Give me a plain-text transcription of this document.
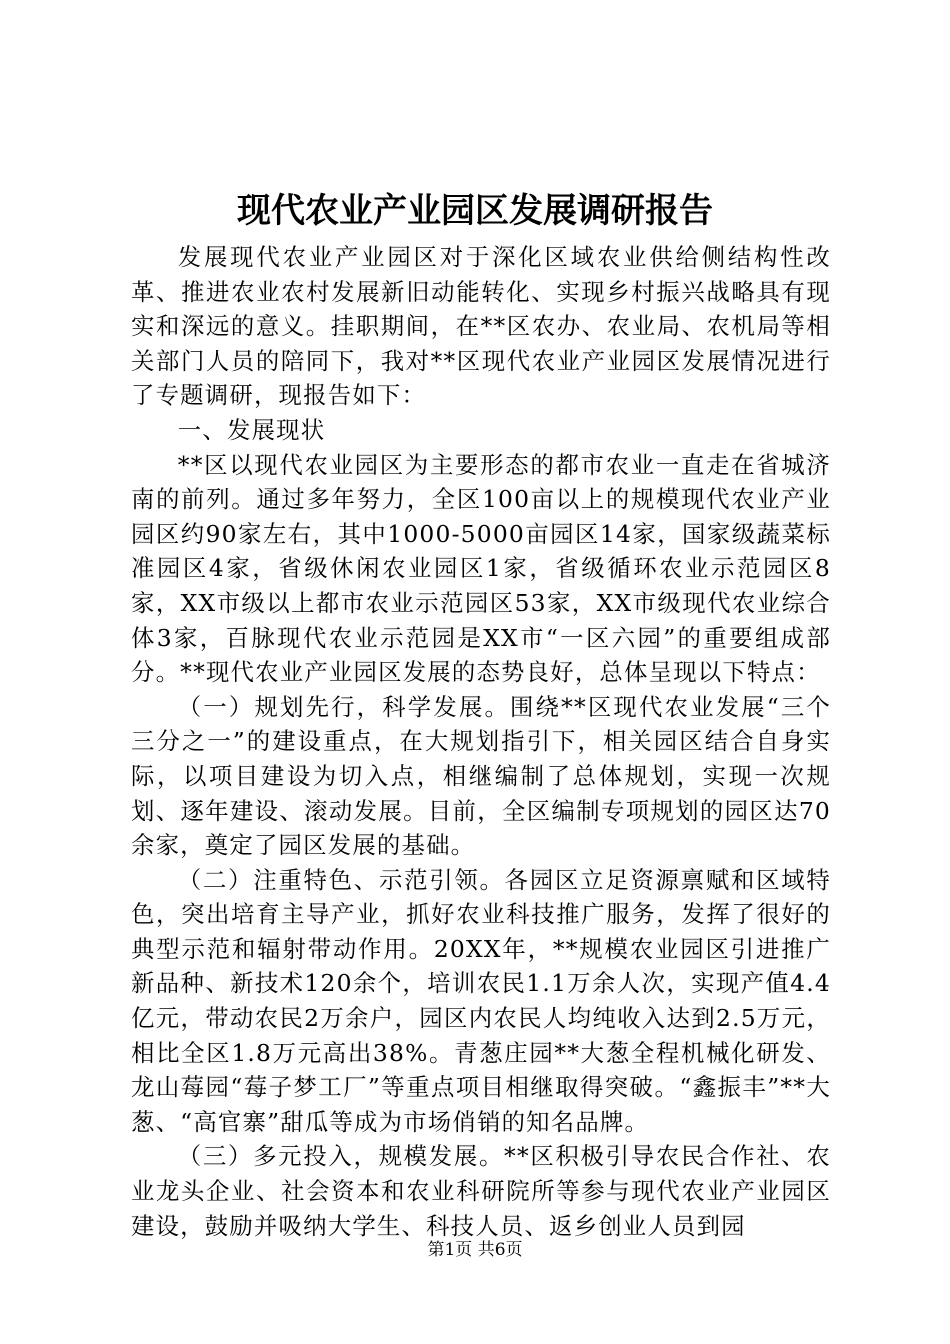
现代农业产业园区发展调研报告

发展现代农业产业园区对于深化区域农业供给侧结构性改革、推进农业农村发展新旧动能转化、实现乡村振兴战略具有现实和深远的意义。挂职期间，在**区农办、农业局、农机局等相关部门人员的陪同下，我对**区现代农业产业园区发展情况进行了专题调研，现报告如下：

一、发展现状

**区以现代农业园区为主要形态的都市农业一直走在省城济南的前列。通过多年努力，全区100亩以上的规模现代农业产业园区约90家左右，其中1000-5000亩园区14家，国家级蔬菜标准园区4家，省级休闲农业园区1家，省级循环农业示范园区8家，XX市级以上都市农业示范园区53家，XX市级现代农业综合体3家，百脉现代农业示范园是XX市“一区六园”的重要组成部分。**现代农业产业园区发展的态势良好，总体呈现以下特点：

（一）规划先行，科学发展。围绕**区现代农业发展“三个三分之一”的建设重点，在大规划指引下，相关园区结合自身实际，以项目建设为切入点，相继编制了总体规划，实现一次规划、逐年建设、滚动发展。目前，全区编制专项规划的园区达70余家，奠定了园区发展的基础。

（二）注重特色、示范引领。各园区立足资源禀赋和区域特色，突出培育主导产业，抓好农业科技推广服务，发挥了很好的典型示范和辐射带动作用。20XX年，**规模农业园区引进推广新品种、新技术120余个，培训农民1.1万余人次，实现产值4.4亿元，带动农民2万余户，园区内农民人均纯收入达到2.5万元，相比全区1.8万元高出38%。青葱庄园**大葱全程机械化研发、龙山莓园“莓子梦工厂”等重点项目相继取得突破。“鑫振丰”**大葱、“高官寨”甜瓜等成为市场俏销的知名品牌。

（三）多元投入，规模发展。**区积极引导农民合作社、农业龙头企业、社会资本和农业科研院所等参与现代农业产业园区建设，鼓励并吸纳大学生、科技人员、返乡创业人员到园

第1页 共6页
